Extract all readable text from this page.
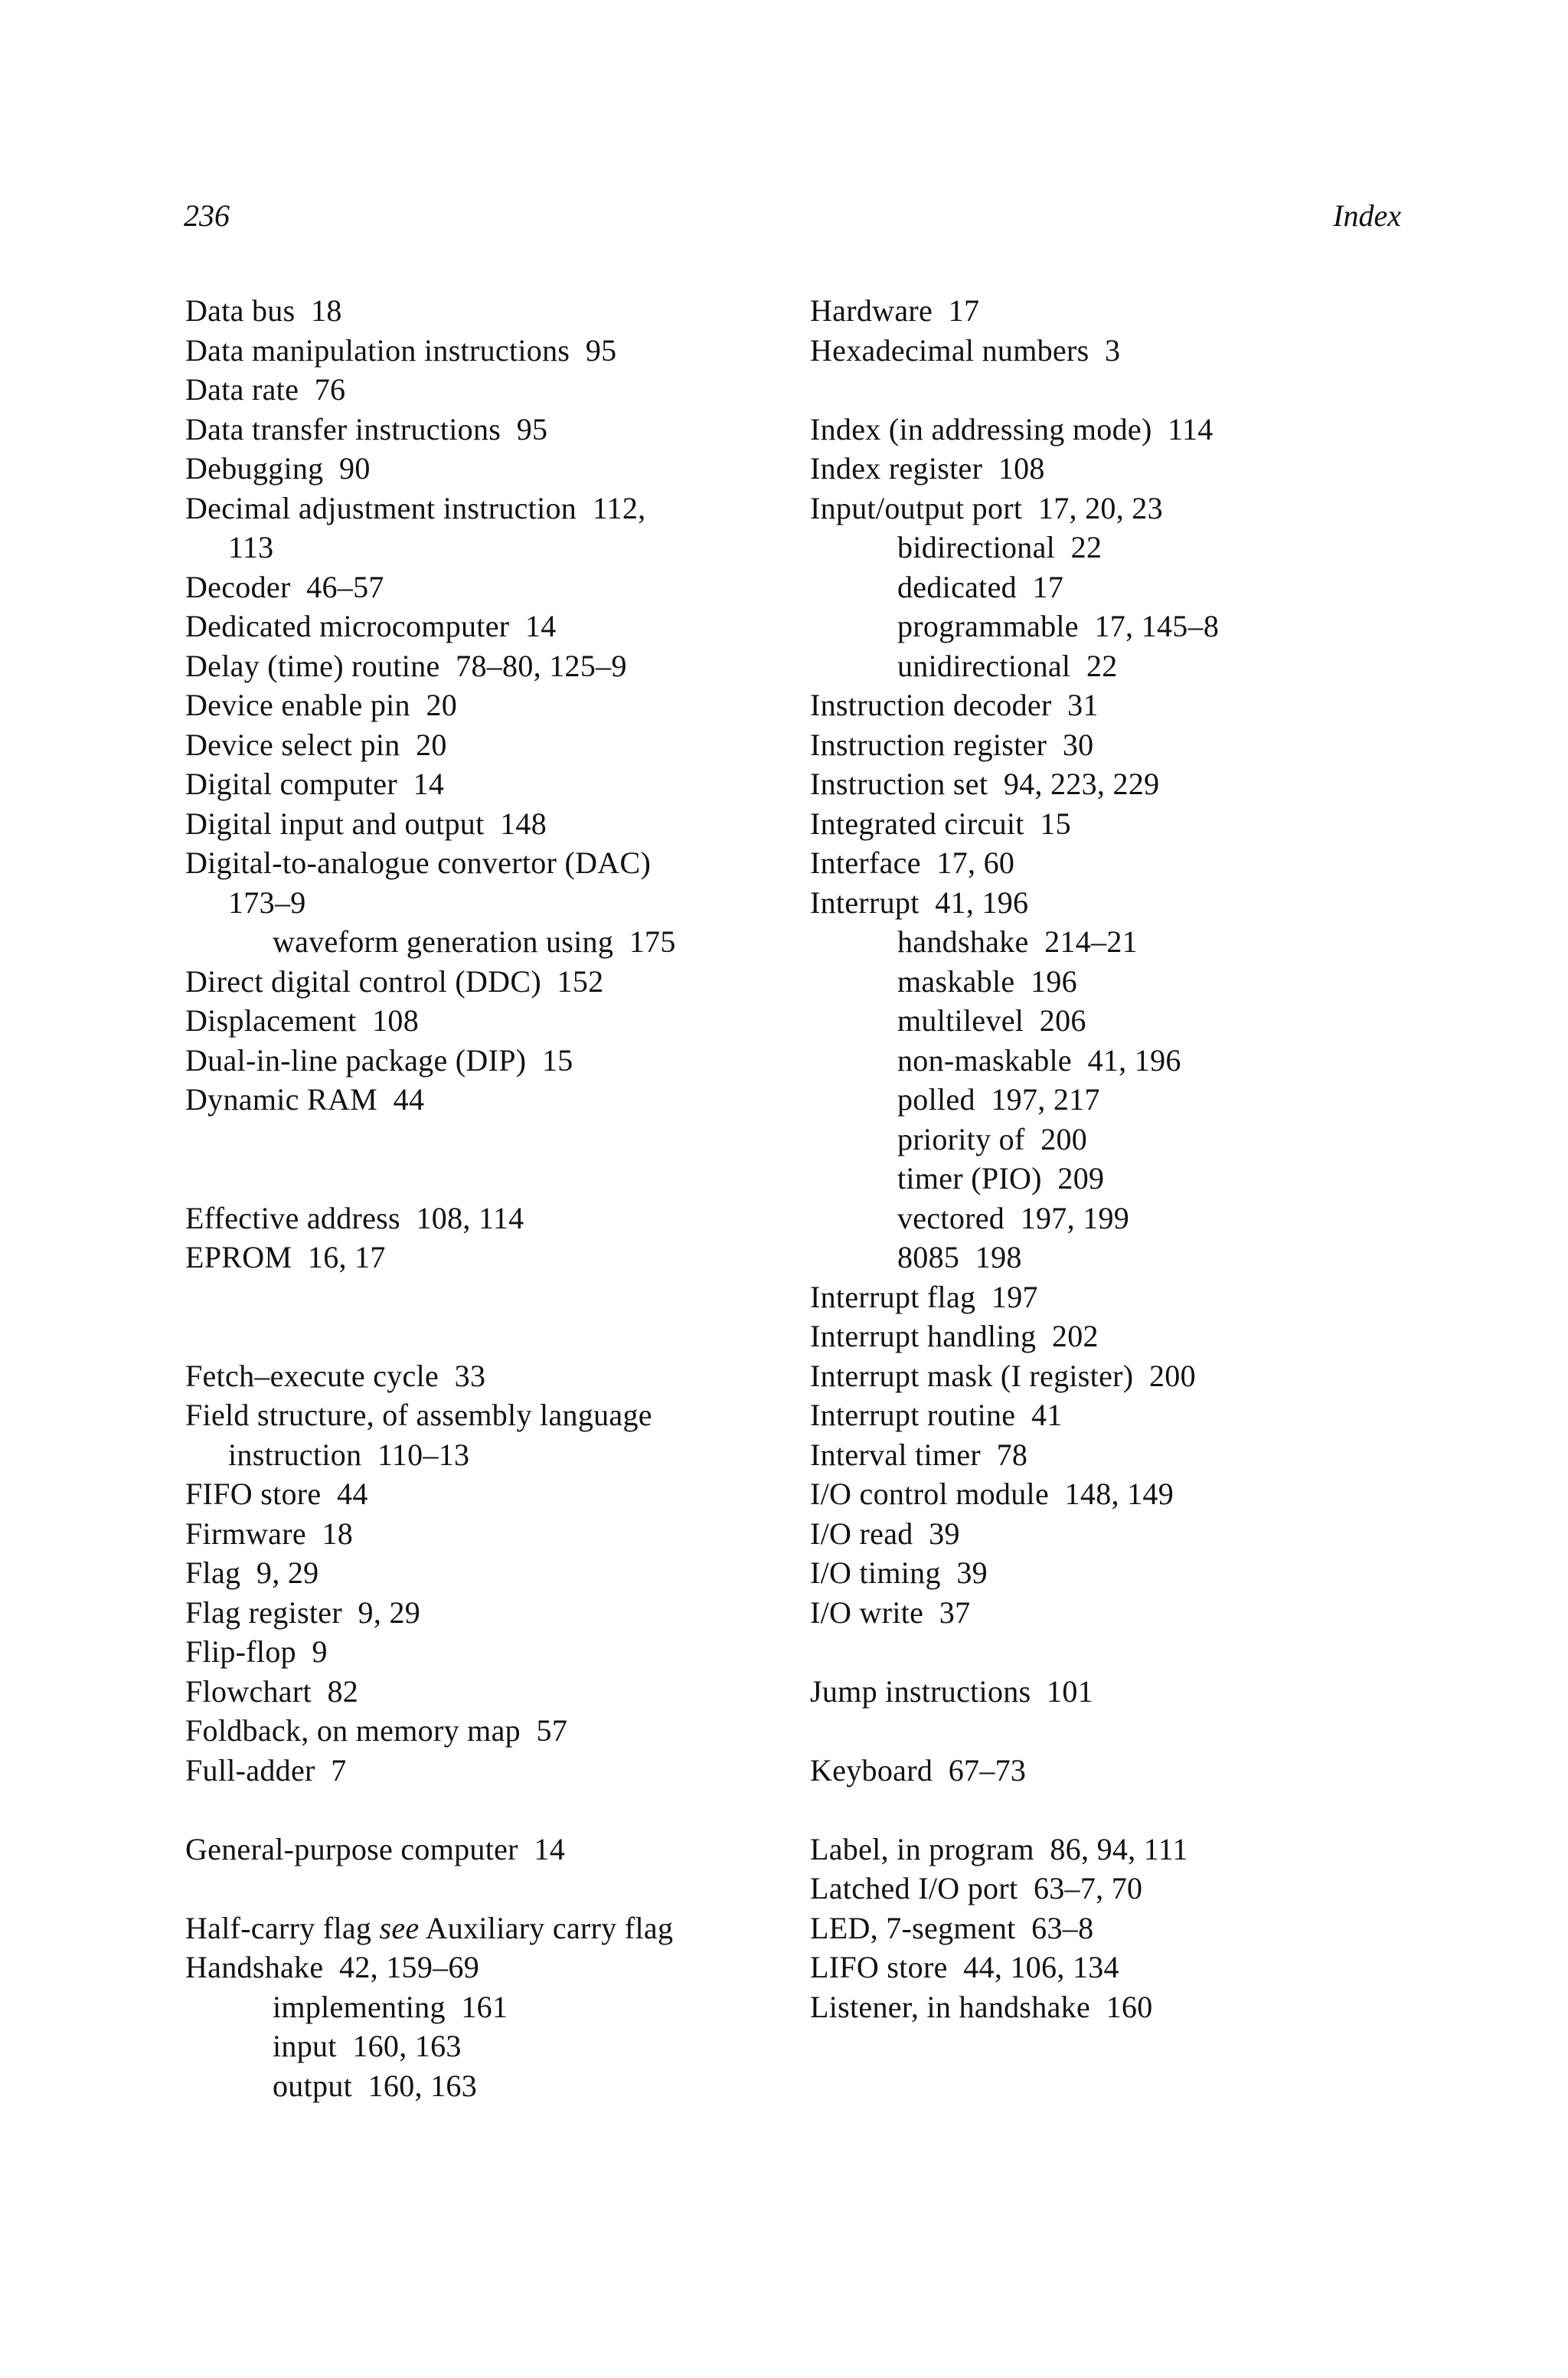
236	Index
Data bus  18
Data manipulation instructions  95
Data rate  76
Data transfer instructions  95
Debugging  90
Decimal adjustment instruction  112,
113
Decoder  46–57
Dedicated microcomputer  14
Delay (time) routine  78–80, 125–9
Device enable pin  20
Device select pin  20
Digital computer  14
Digital input and output  148
Digital-to-analogue convertor (DAC)
173–9
waveform generation using  175
Direct digital control (DDC)  152
Displacement  108
Dual-in-line package (DIP)  15
Dynamic RAM  44
Effective address  108, 114
EPROM  16, 17
Fetch–execute cycle  33
Field structure, of assembly language
instruction  110–13
FIFO store  44
Firmware  18
Flag  9, 29
Flag register  9, 29
Flip-flop  9
Flowchart  82
Foldback, on memory map  57
Full-adder  7
General-purpose computer  14
Half-carry flag see Auxiliary carry flag
Handshake  42, 159–69
implementing  161
input  160, 163
output  160, 163
Hardware  17
Hexadecimal numbers  3
Index (in addressing mode)  114
Index register  108
Input/output port  17, 20, 23
bidirectional  22
dedicated  17
programmable  17, 145–8
unidirectional  22
Instruction decoder  31
Instruction register  30
Instruction set  94, 223, 229
Integrated circuit  15
Interface  17, 60
Interrupt  41, 196
handshake  214–21
maskable  196
multilevel  206
non-maskable  41, 196
polled  197, 217
priority of  200
timer (PIO)  209
vectored  197, 199
8085  198
Interrupt flag  197
Interrupt handling  202
Interrupt mask (I register)  200
Interrupt routine  41
Interval timer  78
I/O control module  148, 149
I/O read  39
I/O timing  39
I/O write  37
Jump instructions  101
Keyboard  67–73
Label, in program  86, 94, 111
Latched I/O port  63–7, 70
LED, 7-segment  63–8
LIFO store  44, 106, 134
Listener, in handshake  160
